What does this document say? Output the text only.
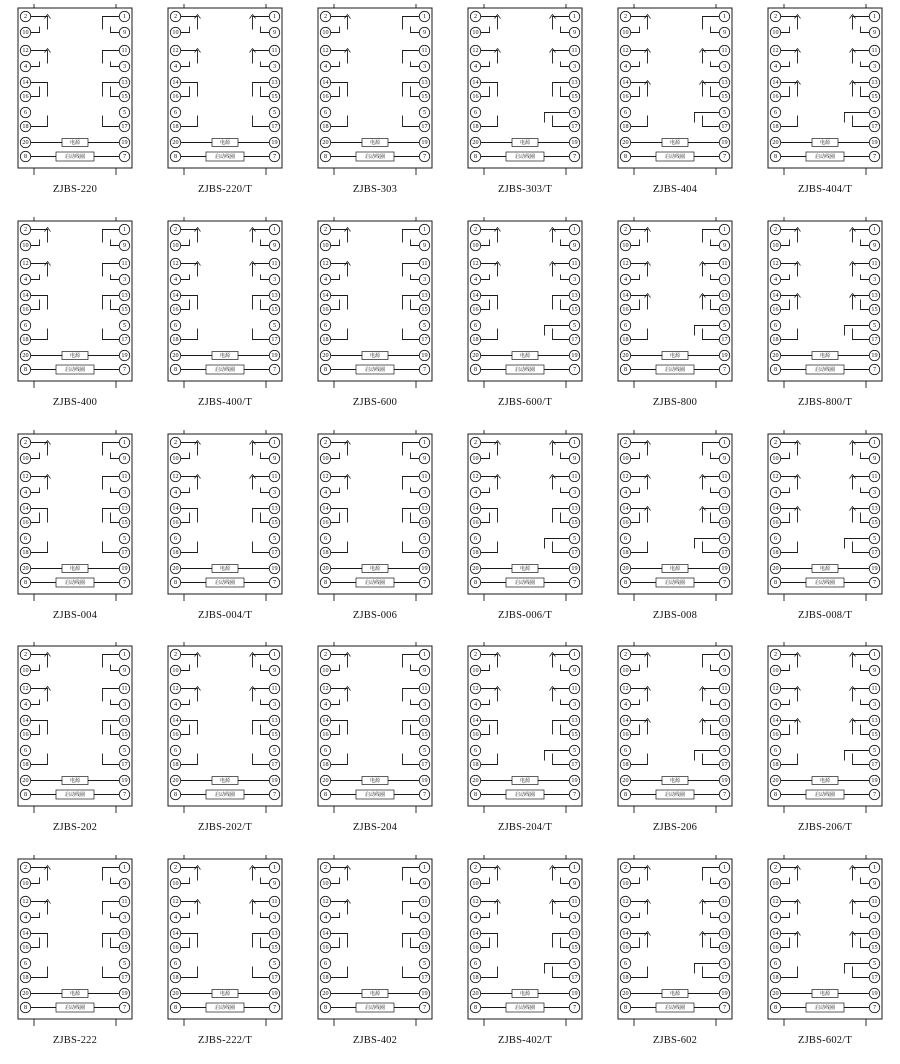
2	1
10	9
12	11
4	3
14	13
16	15
6	5
18	17
20	19
8	7
电源
启动线圈
ZJBS-220
2	1
10	9
12	11
4	3
14	13
16	15
6	5
18	17
20	19
8	7
电源
启动线圈
ZJBS-220/T
2	1
10	9
12	11
4	3
14	13
16	15
6	5
18	17
20	19
8	7
电源
启动线圈
ZJBS-303
2	1
10	9
12	11
4	3
14	13
16	15
6	5
18	17
20	19
8	7
电源
启动线圈
ZJBS-303/T
2	1
10	9
12	11
4	3
14	13
16	15
6	5
18	17
20	19
8	7
电源
启动线圈
ZJBS-404
2	1
10	9
12	11
4	3
14	13
16	15
6	5
18	17
20	19
8	7
电源
启动线圈
ZJBS-404/T
2	1
10	9
12	11
4	3
14	13
16	15
6	5
18	17
20	19
8	7
电源
启动线圈
ZJBS-400
2	1
10	9
12	11
4	3
14	13
16	15
6	5
18	17
20	19
8	7
电源
启动线圈
ZJBS-400/T
2	1
10	9
12	11
4	3
14	13
16	15
6	5
18	17
20	19
8	7
电源
启动线圈
ZJBS-600
2	1
10	9
12	11
4	3
14	13
16	15
6	5
18	17
20	19
8	7
电源
启动线圈
ZJBS-600/T
2	1
10	9
12	11
4	3
14	13
16	15
6	5
18	17
20	19
8	7
电源
启动线圈
ZJBS-800
2	1
10	9
12	11
4	3
14	13
16	15
6	5
18	17
20	19
8	7
电源
启动线圈
ZJBS-800/T
2	1
10	9
12	11
4	3
14	13
16	15
6	5
18	17
20	19
8	7
电源
启动线圈
ZJBS-004
2	1
10	9
12	11
4	3
14	13
16	15
6	5
18	17
20	19
8	7
电源
启动线圈
ZJBS-004/T
2	1
10	9
12	11
4	3
14	13
16	15
6	5
18	17
20	19
8	7
电源
启动线圈
ZJBS-006
2	1
10	9
12	11
4	3
14	13
16	15
6	5
18	17
20	19
8	7
电源
启动线圈
ZJBS-006/T
2	1
10	9
12	11
4	3
14	13
16	15
6	5
18	17
20	19
8	7
电源
启动线圈
ZJBS-008
2	1
10	9
12	11
4	3
14	13
16	15
6	5
18	17
20	19
8	7
电源
启动线圈
ZJBS-008/T
2	1
10	9
12	11
4	3
14	13
16	15
6	5
18	17
20	19
8	7
电源
启动线圈
ZJBS-202
2	1
10	9
12	11
4	3
14	13
16	15
6	5
18	17
20	19
8	7
电源
启动线圈
ZJBS-202/T
2	1
10	9
12	11
4	3
14	13
16	15
6	5
18	17
20	19
8	7
电源
启动线圈
ZJBS-204
2	1
10	9
12	11
4	3
14	13
16	15
6	5
18	17
20	19
8	7
电源
启动线圈
ZJBS-204/T
2	1
10	9
12	11
4	3
14	13
16	15
6	5
18	17
20	19
8	7
电源
启动线圈
ZJBS-206
2	1
10	9
12	11
4	3
14	13
16	15
6	5
18	17
20	19
8	7
电源
启动线圈
ZJBS-206/T
2	1
10	9
12	11
4	3
14	13
16	15
6	5
18	17
20	19
8	7
电源
启动线圈
ZJBS-222
2	1
10	9
12	11
4	3
14	13
16	15
6	5
18	17
20	19
8	7
电源
启动线圈
ZJBS-222/T
2	1
10	9
12	11
4	3
14	13
16	15
6	5
18	17
20	19
8	7
电源
启动线圈
ZJBS-402
2	1
10	9
12	11
4	3
14	13
16	15
6	5
18	17
20	19
8	7
电源
启动线圈
ZJBS-402/T
2	1
10	9
12	11
4	3
14	13
16	15
6	5
18	17
20	19
8	7
电源
启动线圈
ZJBS-602
2	1
10	9
12	11
4	3
14	13
16	15
6	5
18	17
20	19
8	7
电源
启动线圈
ZJBS-602/T
